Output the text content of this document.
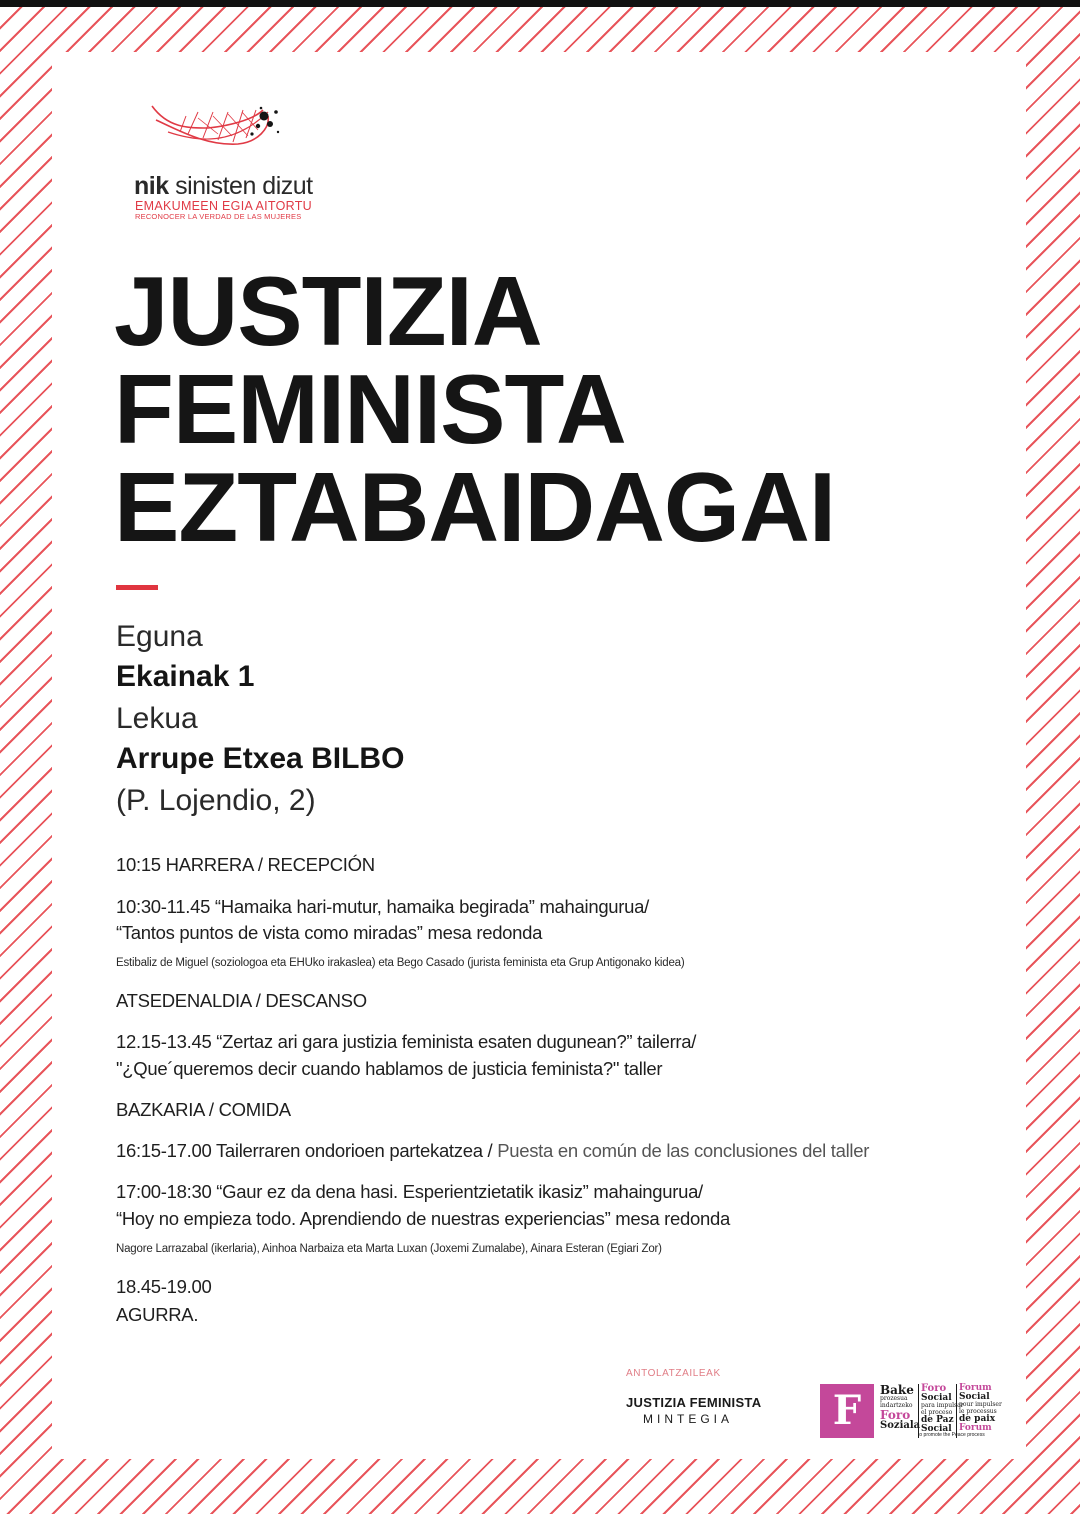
nik sinisten dizut
EMAKUMEEN EGIA AITORTU
RECONOCER LA VERDAD DE LAS MUJERES
JUSTIZIA
FEMINISTA
EZTABAIDAGAI
Eguna
Ekainak 1
Lekua
Arrupe Etxea BILBO
(P. Lojendio, 2)
10:15 HARRERA / RECEPCIÓN
10:30-11.45 “Hamaika hari-mutur, hamaika begirada” mahaingurua/
“Tantos puntos de vista como miradas” mesa redonda
Estibaliz de Miguel (soziologoa eta EHUko irakaslea) eta Bego Casado (jurista feminista eta Grup Antigonako kidea)
ATSEDENALDIA / DESCANSO
12.15-13.45 “Zertaz ari gara justizia feminista esaten dugunean?” tailerra/
"¿Que´queremos decir cuando hablamos de justicia feminista?" taller
BAZKARIA / COMIDA
16:15-17.00 Tailerraren ondorioen partekatzea / Puesta en común de las conclusiones del taller
17:00-18:30 “Gaur ez da dena hasi. Esperientzietatik ikasiz” mahaingurua/
“Hoy no empieza todo. Aprendiendo de nuestras experiencias” mesa redonda
Nagore Larrazabal (ikerlaria), Ainhoa Narbaiza eta Marta Luxan (Joxemi Zumalabe), Ainara Esteran (Egiari Zor)
18.45-19.00
AGURRA.
ANTOLATZAILEAK
JUSTIZIA FEMINISTA
MINTEGIA	F	Bake
prozesua
indartzeko
Foro
Soziala
Foro
Social
para impulsar
el proceso
de Paz
Social
Forum
Social
pour impulser
le processus
de paix
Forum
to promote the Peace process
